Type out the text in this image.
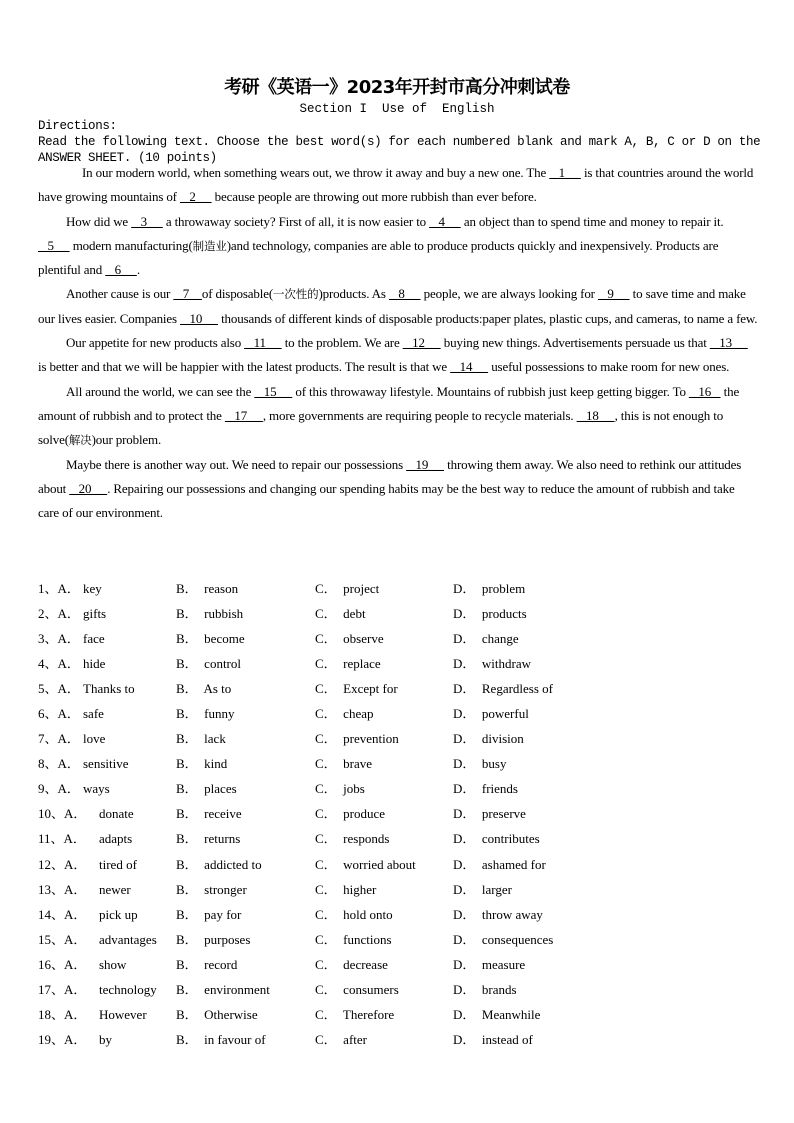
考研《英语一》2023年开封市高分冲刺试卷
Section I  Use of  English
Directions:
Read the following text. Choose the best word(s) for each numbered blank and mark A, B, C or D on the
ANSWER SHEET. (10 points)

In our modern world, when something wears out, we throw it away and buy a new one. The  _1__  is that countries around the world have growing mountains of  _2__  because people are throwing out more rubbish than ever before.

How did we  _3__  a throwaway society? First of all, it is now easier to  _4__  an object than to spend time and money to repair it.  _5__  modern manufacturing(制造业)and technology, companies are able to produce products quickly and inexpensively. Products are plentiful and  _6__ .

Another cause is our  _7__of disposable(一次性的)products. As  _8__  people, we are always looking for  _9__  to save time and make our lives easier. Companies  _10__  thousands of different kinds of disposable products:paper plates, plastic cups, and cameras, to name a few.

Our appetite for new products also  _11__  to the problem. We are  _12__  buying new things. Advertisements persuade us that  _13__  is better and that we will be happier with the latest products. The result is that we  _14__  useful possessions to make room for new ones.

All around the world, we can see the  _15__  of this throwaway lifestyle. Mountains of rubbish just keep getting bigger. To _ 16_  the amount of rubbish and to protect the  _17__ , more governments are requiring people to recycle materials.  _18__ , this is not enough to solve(解决)our problem.

Maybe there is another way out. We need to repair our possessions  _19__  throwing them away. We also need to rethink our attitudes about  _20__ . Repairing our possessions and changing our spending habits may be the best way to reduce the amount of rubbish and take care of our environment.

1、A． key	B．  reason	C．  project	D．  problem
2、A． gifts	B．  rubbish	C．  debt	D．  products
3、A． face	B．  become	C．  observe	D．  change
4、A． hide	B．  control	C．  replace	D．  withdraw
5、A． Thanks to	B．  As to	C．  Except for	D．  Regardless of
6、A． safe	B．  funny	C．  cheap	D．  powerful
7、A． love	B．  lack	C．  prevention	D．  division
8、A． sensitive	B．  kind	C．  brave	D．  busy
9、A． ways	B．  places	C．  jobs	D．  friends
10、A． donate	B．  receive	C．  produce	D．  preserve
11、A． adapts	B．  returns	C．  responds	D．  contributes
12、A． tired of	B．  addicted to	C．  worried about	D．  ashamed for
13、A． newer	B．  stronger	C．  higher	D．  larger
14、A． pick up	B．  pay for	C．  hold onto	D．  throw away
15、A． advantages B．  purposes	C．  functions	D．  consequences
16、A． show	B．  record	C．  decrease	D．  measure
17、A． technology B．  environment	C．  consumers	D．  brands
18、A． However B．  Otherwise	C．  Therefore	D．  Meanwhile
19、A． by	B．  in favour of	C．  after	D．  instead of
